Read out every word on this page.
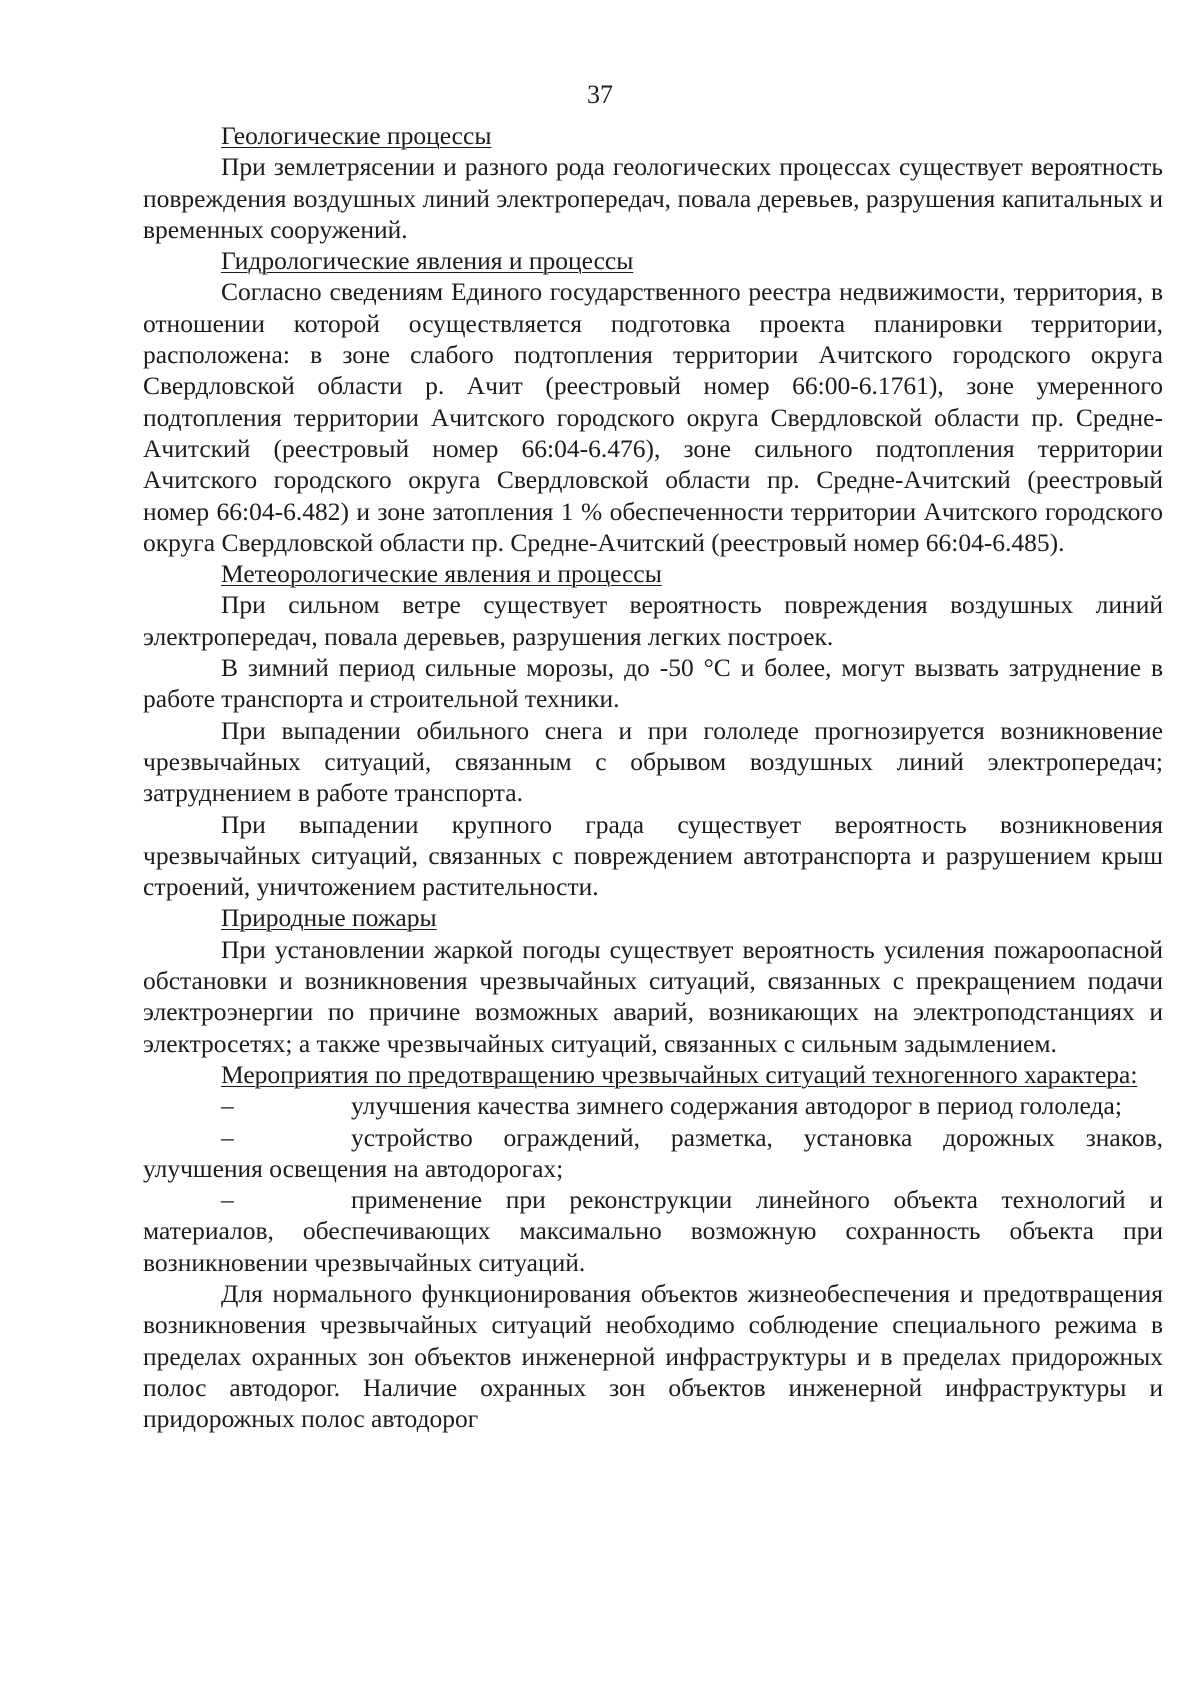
37

Геологические процессы

При землетрясении и разного рода геологических процессах существует вероятность повреждения воздушных линий электропередач, повала деревьев, разрушения капитальных и временных сооружений.

Гидрологические явления и процессы

Согласно сведениям Единого государственного реестра недвижимости, территория, в отношении которой осуществляется подготовка проекта планировки территории, расположена: в зоне слабого подтопления территории Ачитского городского округа Свердловской области р. Ачит (реестровый номер 66:00-6.1761), зоне умеренного подтопления территории Ачитского городского округа Свердловской области пр. Средне-Ачитский (реестровый номер 66:04-6.476), зоне сильного подтопления территории Ачитского городского округа Свердловской области пр. Средне-Ачитский (реестровый номер 66:04-6.482) и зоне затопления 1 % обеспеченности территории Ачитского городского округа Свердловской области пр. Средне-Ачитский (реестровый номер 66:04-6.485).

Метеорологические явления и процессы

При сильном ветре существует вероятность повреждения воздушных линий электропередач, повала деревьев, разрушения легких построек.

В зимний период сильные морозы, до -50 °С и более, могут вызвать затруднение в работе транспорта и строительной техники.

При выпадении обильного снега и при гололеде прогнозируется возникновение чрезвычайных ситуаций, связанным с обрывом воздушных линий электропередач; затруднением в работе транспорта.

При выпадении крупного града существует вероятность возникновения чрезвычайных ситуаций, связанных с повреждением автотранспорта и разрушением крыш строений, уничтожением растительности.

Природные пожары

При установлении жаркой погоды существует вероятность усиления пожароопасной обстановки и возникновения чрезвычайных ситуаций, связанных с прекращением подачи электроэнергии по причине возможных аварий, возникающих на электроподстанциях и электросетях; а также чрезвычайных ситуаций, связанных с сильным задымлением.

Мероприятия по предотвращению чрезвычайных ситуаций техногенного характера:

–	улучшения качества зимнего содержания автодорог в период гололеда;

–	устройство ограждений, разметка, установка дорожных знаков, улучшения освещения на автодорогах;

–	применение при реконструкции линейного объекта технологий и материалов, обеспечивающих максимально возможную сохранность объекта при возникновении чрезвычайных ситуаций.

Для нормального функционирования объектов жизнеобеспечения и предотвращения возникновения чрезвычайных ситуаций необходимо соблюдение специального режима в пределах охранных зон объектов инженерной инфраструктуры и в пределах придорожных полос автодорог. Наличие охранных зон объектов инженерной инфраструктуры и придорожных полос автодорог
